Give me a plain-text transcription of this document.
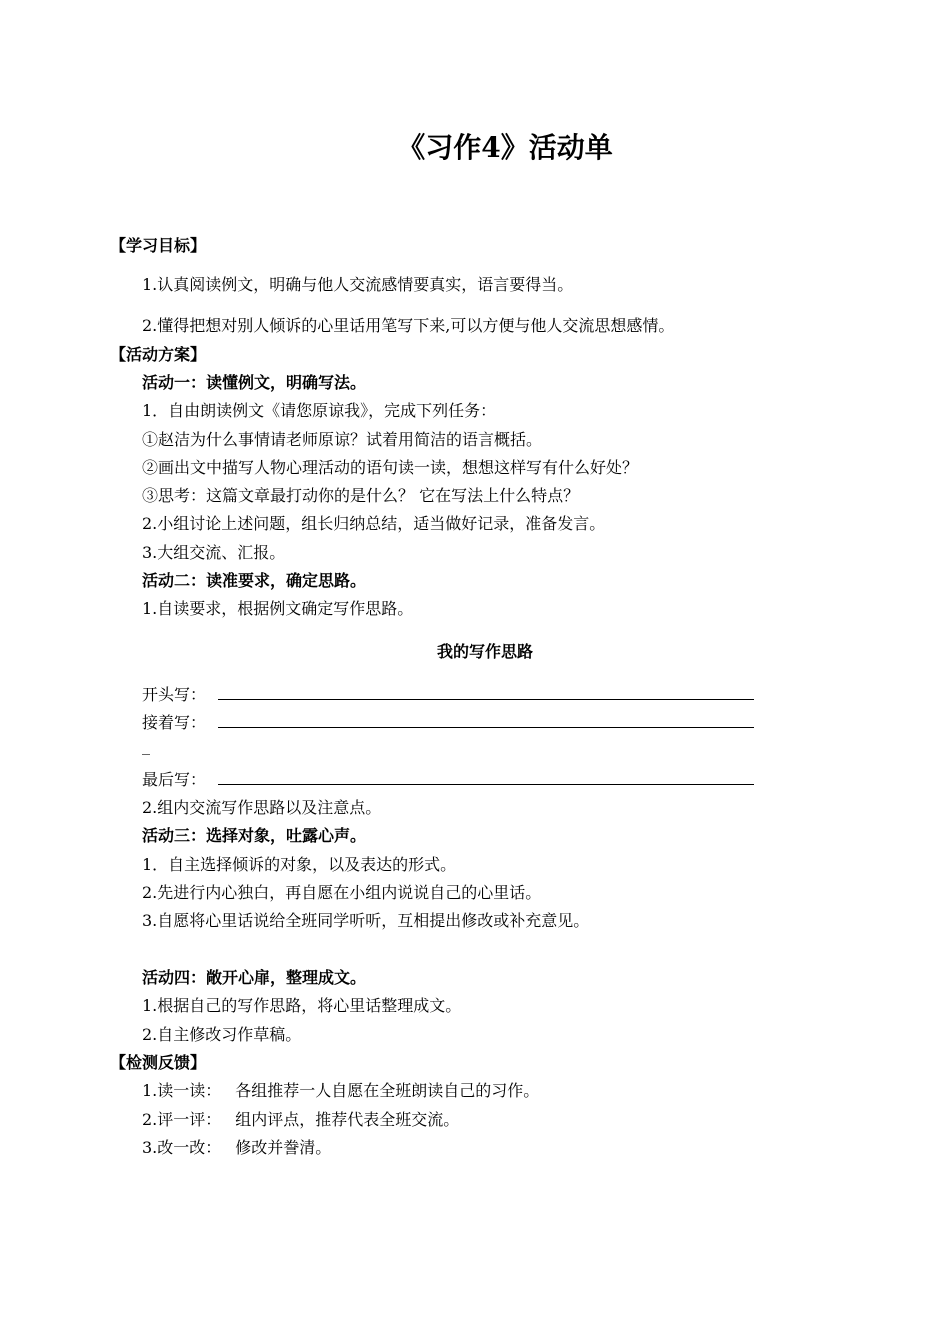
《习作4》活动单
【学习目标】
1.认真阅读例文，明确与他人交流感情要真实，语言要得当。
2.懂得把想对别人倾诉的心里话用笔写下来,可以方便与他人交流思想感情。
【活动方案】
活动一：读懂例文，明确写法。
1．自由朗读例文《请您原谅我》，完成下列任务：
①赵洁为什么事情请老师原谅？试着用简洁的语言概括。
②画出文中描写人物心理活动的语句读一读，想想这样写有什么好处？
③思考：这篇文章最打动你的是什么？ 它在写法上什么特点？
2.小组讨论上述问题，组长归纳总结，适当做好记录，准备发言。
3.大组交流、汇报。
活动二：读准要求，确定思路。
1.自读要求，根据例文确定写作思路。
我的写作思路
开头写：
接着写：
_
最后写：
2.组内交流写作思路以及注意点。
活动三：选择对象，吐露心声。
1．自主选择倾诉的对象，以及表达的形式。
2.先进行内心独白，再自愿在小组内说说自己的心里话。
3.自愿将心里话说给全班同学听听，互相提出修改或补充意见。
活动四：敞开心扉，整理成文。
1.根据自己的写作思路，将心里话整理成文。
2.自主修改习作草稿。
【检测反馈】
1.读一读： 各组推荐一人自愿在全班朗读自己的习作。
2.评一评： 组内评点，推荐代表全班交流。
3.改一改： 修改并誊清。
